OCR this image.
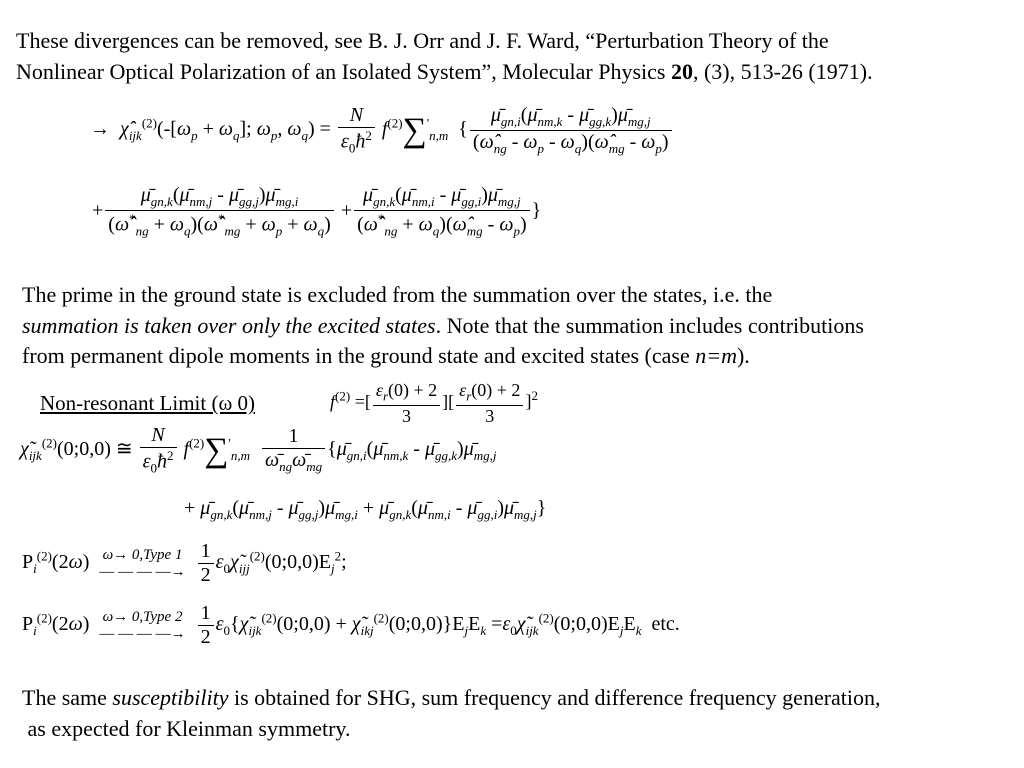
These divergences can be removed, see B. J. Orr and J. F. Ward, “Perturbation Theory of the
Nonlinear Optical Polarization of an Isolated System”, Molecular Physics 20, (3), 513-26 (1971).
→  $\chî_{ijk}^{(2)}(-[\omega_p + \omega_q]$; $\omega_p$, $\omega_q) = \frac{N}{\varepsilon_0ħ^2} f^{(2)}\sum'_{n,m}$ { $\frac{\mū_{gn,i}(\mū_{nm,k} - \mū_{gg,k})\mū_{mg,j}}{(\omegâ_{ng} - \omega_p - \omega_q)(\omegâ_{mg} - \omega_p)}$
+ $\frac{\mū_{gn,k}(\mū_{nm,j} - \mū_{gg,j})\mū_{mg,i}}{(\omegâ^*_{ng} + \omega_q)(\omegâ^*_{mg} + \omega_p + \omega_q)} + \frac{\mū_{gn,k}(\mū_{nm,i} - \mū_{gg,i})\mū_{mg,j}}{(\omegâ^*_{ng} + \omega_q)(\omegâ_{mg} - \omega_p)}$ }
The prime in the ground state is excluded from the summation over the states, i.e. the
summation is taken over only the excited states. Note that the summation includes contributions
from permanent dipole moments in the ground state and excited states (case n=m).
Non-resonant Limit (ω 0)	$f^{(2)}$ =[ $\frac{\varepsilon_r(0) + 2}{3}$ ][ $\frac{\varepsilon_r(0) + 2}{3} ]^2$
$\chĩ_{ijk}^{(2)}(0;0,0)$ ≅ $\frac{N}{\varepsilon_0ħ^2} f^{(2)}\sum'_{n,m} \frac{1}{\omegā_{ng}\omegā_{mg}}$ {$\mū_{gn,i}(\mū_{nm,k}$ - $\mū_{gg,k})\mū_{mg,j}$
+ $\mū_{gn,k}(\mū_{nm,j}$ - $\mū_{gg,j})\mū_{mg,i}$ + $\mū_{gn,k}(\mū_{nm,i}$ - $\mū_{gg,i})\mū_{mg,j}$}
$P_i^{(2)}(2\omega)$ ω→ 0,Type 1
— — — —→
$\frac{1}{2}$ $\varepsilon_0\chĩ_{ijj}^{(2)}(0;0,0)E_j^2$;
$P_i^{(2)}(2\omega)$ ω→ 0,Type 2
— — — —→
$\frac{1}{2}$ $\varepsilon_0\{\chĩ_{ijk}^{(2)}(0;0,0)$ + $\chĩ_{ikj}^{(2)}(0;0,0)\}E_jE_k$ $=\varepsilon_0\chĩ_{ijk}^{(2)}(0;0,0)E_jE_k$ etc.
The same susceptibility is obtained for SHG, sum frequency and difference frequency generation,
as expected for Kleinman symmetry.
